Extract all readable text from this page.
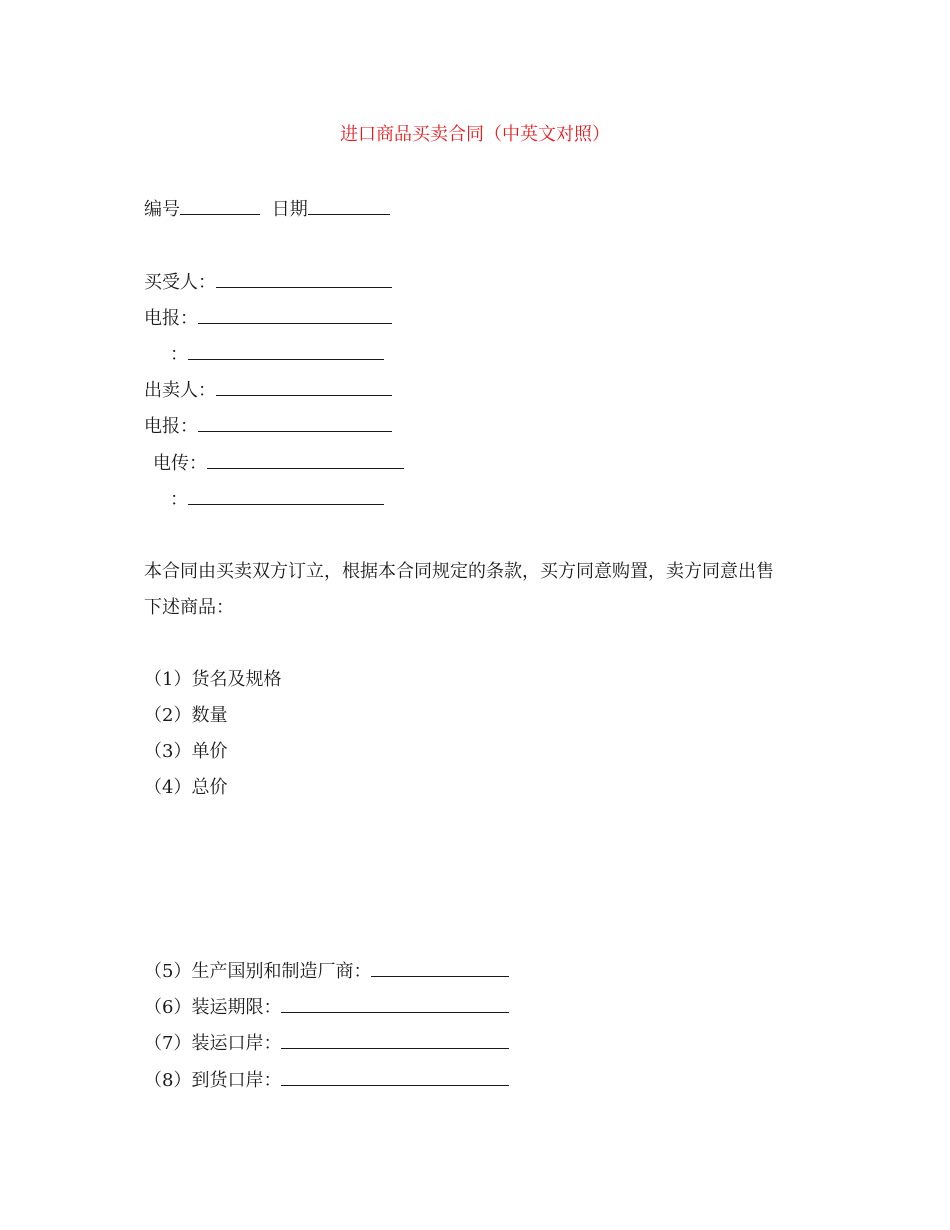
进口商品买卖合同（中英文对照）
编号	日期
买受人：
电报：
：
出卖人：
电报：
电传：
：
本合同由买卖双方订立，根据本合同规定的条款，买方同意购置，卖方同意出售
下述商品：
（1）货名及规格
（2）数量
（3）单价
（4）总价
（5）生产国别和制造厂商：
（6）装运期限：
（7）装运口岸：
（8）到货口岸：
